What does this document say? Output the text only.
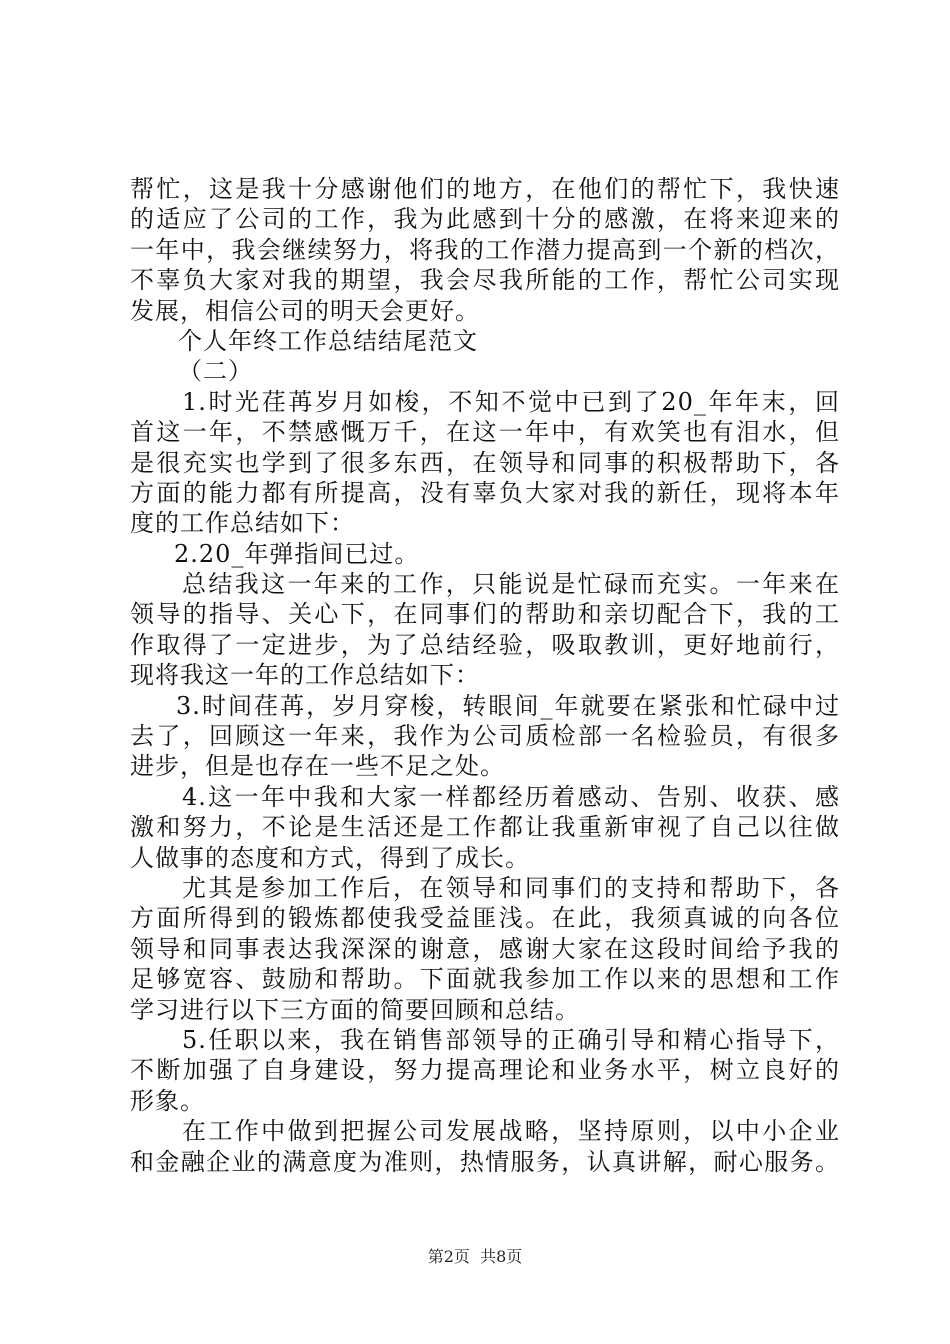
帮忙，这是我十分感谢他们的地方，在他们的帮忙下，我快速
的适应了公司的工作，我为此感到十分的感激，在将来迎来的
一年中，我会继续努力，将我的工作潜力提高到一个新的档次，
不辜负大家对我的期望，我会尽我所能的工作，帮忙公司实现
发展，相信公司的明天会更好。
个人年终工作总结结尾范文
（二）
1.时光荏苒岁月如梭，不知不觉中已到了20_年年末，回
首这一年，不禁感慨万千，在这一年中，有欢笑也有泪水，但
是很充实也学到了很多东西，在领导和同事的积极帮助下，各
方面的能力都有所提高，没有辜负大家对我的新任，现将本年
度的工作总结如下：
2.20_年弹指间已过。
总结我这一年来的工作，只能说是忙碌而充实。一年来在
领导的指导、关心下，在同事们的帮助和亲切配合下，我的工
作取得了一定进步，为了总结经验，吸取教训，更好地前行，
现将我这一年的工作总结如下：
3.时间荏苒，岁月穿梭，转眼间_年就要在紧张和忙碌中过
去了，回顾这一年来，我作为公司质检部一名检验员，有很多
进步，但是也存在一些不足之处。
4.这一年中我和大家一样都经历着感动、告别、收获、感
激和努力，不论是生活还是工作都让我重新审视了自己以往做
人做事的态度和方式，得到了成长。
尤其是参加工作后，在领导和同事们的支持和帮助下，各
方面所得到的锻炼都使我受益匪浅。在此，我须真诚的向各位
领导和同事表达我深深的谢意，感谢大家在这段时间给予我的
足够宽容、鼓励和帮助。下面就我参加工作以来的思想和工作
学习进行以下三方面的简要回顾和总结。
5.任职以来，我在销售部领导的正确引导和精心指导下，
不断加强了自身建设，努力提高理论和业务水平，树立良好的
形象。
在工作中做到把握公司发展战略，坚持原则，以中小企业
和金融企业的满意度为准则，热情服务，认真讲解，耐心服务。
第2页  共8页
